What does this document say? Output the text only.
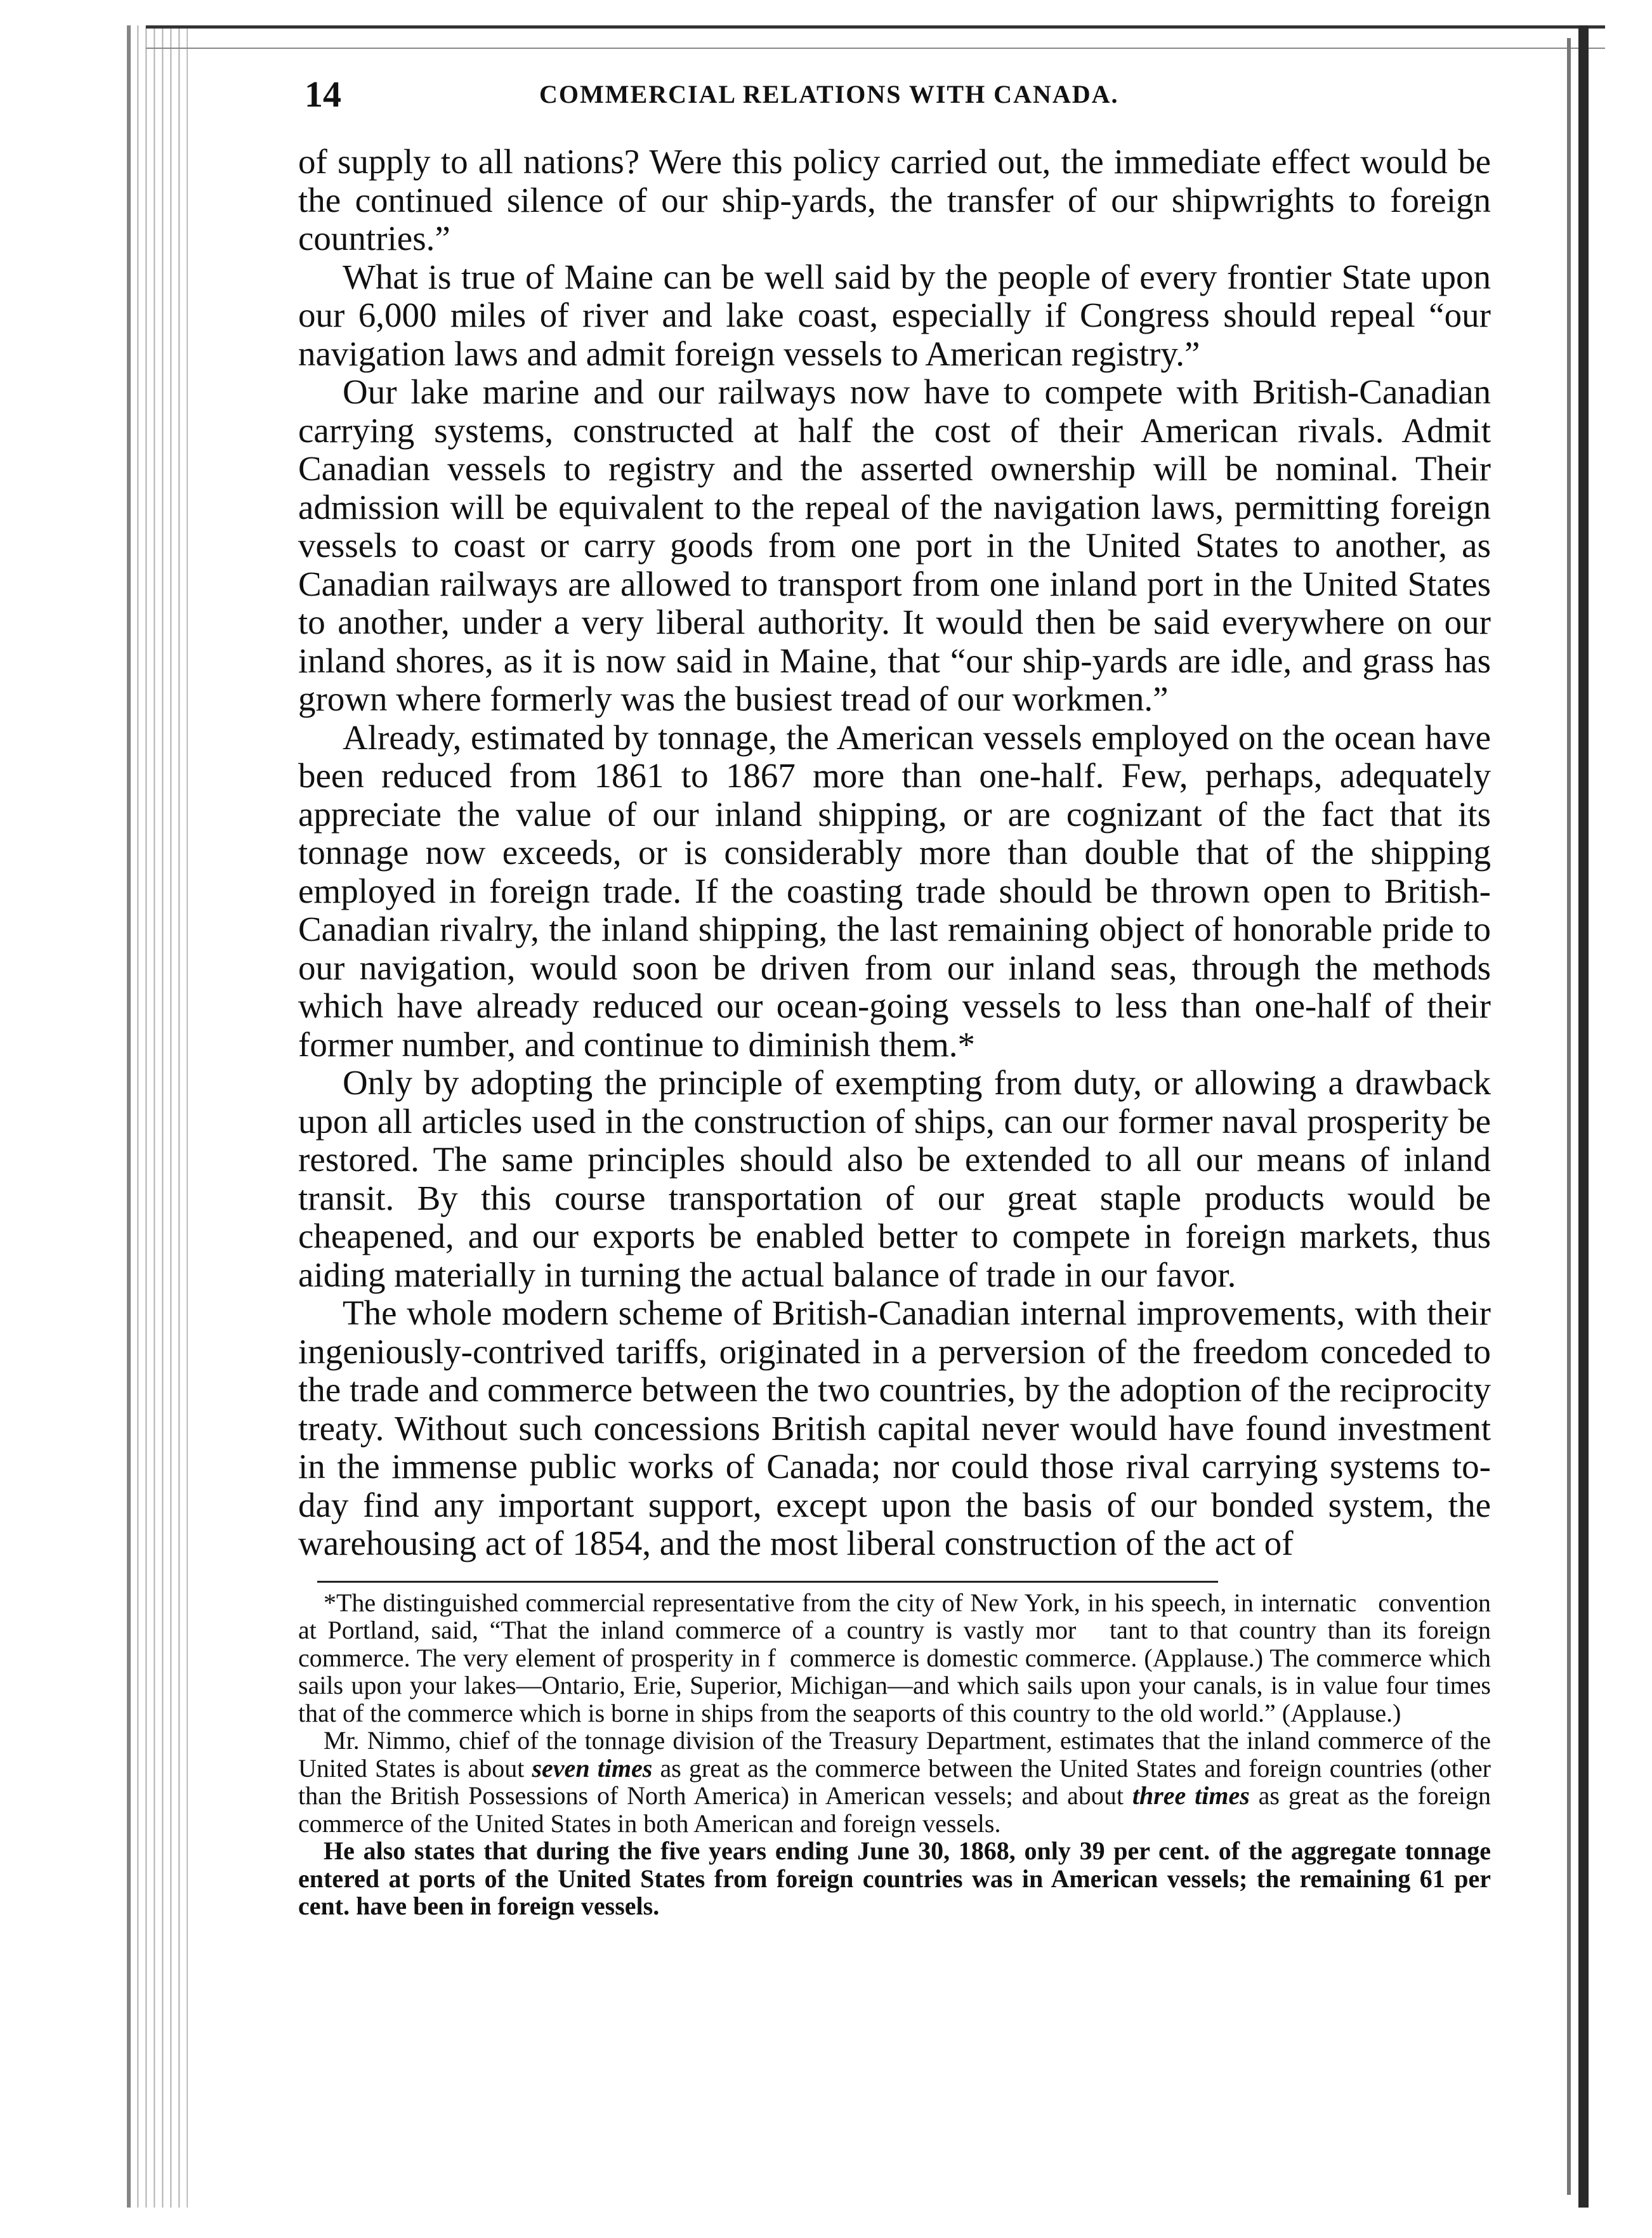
14	COMMERCIAL RELATIONS WITH CANADA.

of supply to all nations? Were this policy carried out, the immediate effect would be the continued silence of our ship-yards, the transfer of our shipwrights to foreign countries.”

What is true of Maine can be well said by the people of every frontier State upon our 6,000 miles of river and lake coast, especially if Congress should repeal “our navigation laws and admit foreign vessels to American registry.”

Our lake marine and our railways now have to compete with British-Canadian carrying systems, constructed at half the cost of their American rivals. Admit Canadian vessels to registry and the asserted ownership will be nominal. Their admission will be equivalent to the repeal of the navigation laws, permitting foreign vessels to coast or carry goods from one port in the United States to another, as Canadian railways are allowed to transport from one inland port in the United States to another, under a very liberal authority. It would then be said everywhere on our inland shores, as it is now said in Maine, that “our ship-yards are idle, and grass has grown where formerly was the busiest tread of our workmen.”

Already, estimated by tonnage, the American vessels employed on the ocean have been reduced from 1861 to 1867 more than one-half. Few, perhaps, adequately appreciate the value of our inland shipping, or are cognizant of the fact that its tonnage now exceeds, or is considerably more than double that of the shipping employed in foreign trade. If the coasting trade should be thrown open to British-Canadian rivalry, the inland shipping, the last remaining object of honorable pride to our navigation, would soon be driven from our inland seas, through the methods which have already reduced our ocean-going vessels to less than one-half of their former number, and continue to diminish them.*

Only by adopting the principle of exempting from duty, or allowing a drawback upon all articles used in the construction of ships, can our former naval prosperity be restored. The same principles should also be extended to all our means of inland transit. By this course transportation of our great staple products would be cheapened, and our exports be enabled better to compete in foreign markets, thus aiding materially in turning the actual balance of trade in our favor.

The whole modern scheme of British-Canadian internal improvements, with their ingeniously-contrived tariffs, originated in a perversion of the freedom conceded to the trade and commerce between the two countries, by the adoption of the reciprocity treaty. Without such concessions British capital never would have found investment in the immense public works of Canada; nor could those rival carrying systems to-day find any important support, except upon the basis of our bonded system, the warehousing act of 1854, and the most liberal construction of the act of

*The distinguished commercial representative from the city of New York, in his speech, in internatic   convention at Portland, said, “That the inland commerce of a country is vastly mor   tant to that country than its foreign commerce. The very element of prosperity in f  commerce is domestic commerce. (Applause.) The commerce which sails upon your lakes—Ontario, Erie, Superior, Michigan—and which sails upon your canals, is in value four times that of the commerce which is borne in ships from the seaports of this country to the old world.” (Applause.)

Mr. Nimmo, chief of the tonnage division of the Treasury Department, estimates that the inland commerce of the United States is about seven times as great as the commerce between the United States and foreign countries (other than the British Possessions of North America) in American vessels; and about three times as great as the foreign commerce of the United States in both American and foreign vessels.

He also states that during the five years ending June 30, 1868, only 39 per cent. of the aggregate tonnage entered at ports of the United States from foreign countries was in American vessels; the remaining 61 per cent. have been in foreign vessels.
